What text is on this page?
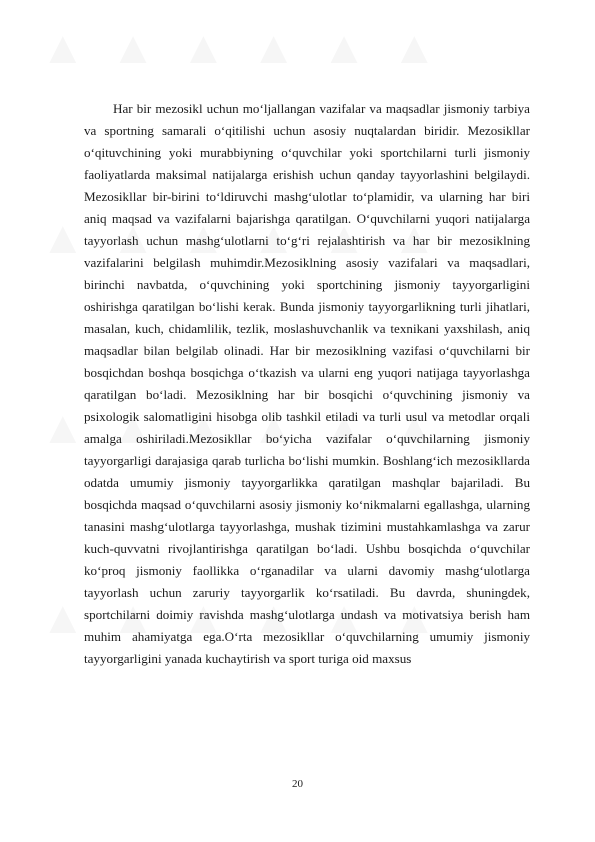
Har bir mezosikl uchun mo‘ljallangan vazifalar va maqsadlar jismoniy tarbiya va sportning samarali o‘qitilishi uchun asosiy nuqtalardan biridir. Mezosikllar o‘qituvchining yoki murabbiyning o‘quvchilar yoki sportchilarni turli jismoniy faoliyatlarda maksimal natijalarga erishish uchun qanday tayyorlashini belgilaydi. Mezosikllar bir-birini to‘ldiruvchi mashg‘ulotlar to‘plamidir, va ularning har biri aniq maqsad va vazifalarni bajarishga qaratilgan. O‘quvchilarni yuqori natijalarga tayyorlash uchun mashg‘ulotlarni to‘g‘ri rejalashtirish va har bir mezosiklning vazifalarini belgilash muhimdir.Mezosiklning asosiy vazifalari va maqsadlari, birinchi navbatda, o‘quvchining yoki sportchining jismoniy tayyorgarligini oshirishga qaratilgan bo‘lishi kerak. Bunda jismoniy tayyorgarlikning turli jihatlari, masalan, kuch, chidamlilik, tezlik, moslashuvchanlik va texnikani yaxshilash, aniq maqsadlar bilan belgilab olinadi. Har bir mezosiklning vazifasi o‘quvchilarni bir bosqichdan boshqa bosqichga o‘tkazish va ularni eng yuqori natijaga tayyorlashga qaratilgan bo‘ladi. Mezosiklning har bir bosqichi o‘quvchining jismoniy va psixologik salomatligini hisobga olib tashkil etiladi va turli usul va metodlar orqali amalga oshiriladi.Mezosikllar bo‘yicha vazifalar o‘quvchilarning jismoniy tayyorgarligi darajasiga qarab turlicha bo‘lishi mumkin. Boshlang‘ich mezosikllarda odatda umumiy jismoniy tayyorgarlikka qaratilgan mashqlar bajariladi. Bu bosqichda maqsad o‘quvchilarni asosiy jismoniy ko‘nikmalarni egallashga, ularning tanasini mashg‘ulotlarga tayyorlashga, mushak tizimini mustahkamlashga va zarur kuch-quvvatni rivojlantirishga qaratilgan bo‘ladi. Ushbu bosqichda o‘quvchilar ko‘proq jismoniy faollikka o‘rganadilar va ularni davomiy mashg‘ulotlarga tayyorlash uchun zaruriy tayyorgarlik ko‘rsatiladi. Bu davrda, shuningdek, sportchilarni doimiy ravishda mashg‘ulotlarga undash va motivatsiya berish ham muhim ahamiyatga ega.O‘rta mezosikllar o‘quvchilarning umumiy jismoniy tayyorgarligini yanada kuchaytirish va sport turiga oid maxsus

20
